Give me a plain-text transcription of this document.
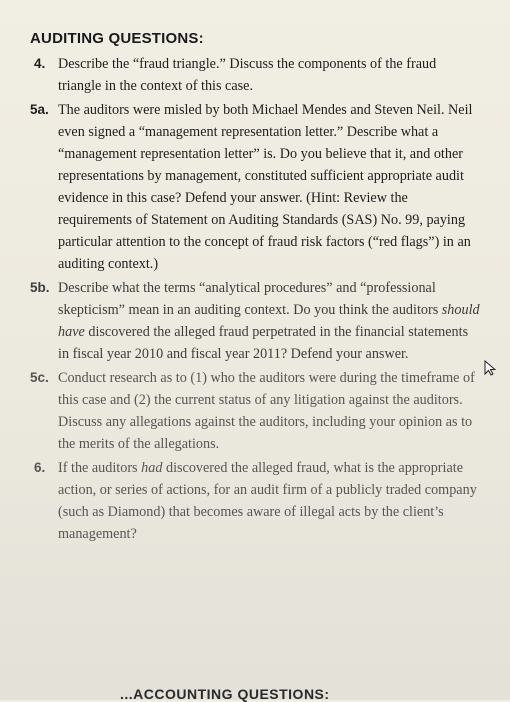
AUDITING QUESTIONS:
4. Describe the “fraud triangle.” Discuss the components of the fraud triangle in the context of this case.
5a. The auditors were misled by both Michael Mendes and Steven Neil. Neil even signed a “management representation letter.” Describe what a “management representation letter” is. Do you believe that it, and other representations by management, constituted sufficient appropriate audit evidence in this case? Defend your answer. (Hint: Review the requirements of Statement on Auditing Standards (SAS) No. 99, paying particular attention to the concept of fraud risk factors (“red flags”) in an auditing context.)
5b. Describe what the terms “analytical procedures” and “professional skepticism” mean in an auditing context. Do you think the auditors should have discovered the alleged fraud perpetrated in the financial statements in fiscal year 2010 and fiscal year 2011? Defend your answer.
5c. Conduct research as to (1) who the auditors were during the timeframe of this case and (2) the current status of any litigation against the auditors. Discuss any allegations against the auditors, including your opinion as to the merits of the allegations.
6. If the auditors had discovered the alleged fraud, what is the appropriate action, or series of actions, for an audit firm of a publicly traded company (such as Diamond) that becomes aware of illegal acts by the client’s management?
...ACCOUNTING QUESTIONS:
